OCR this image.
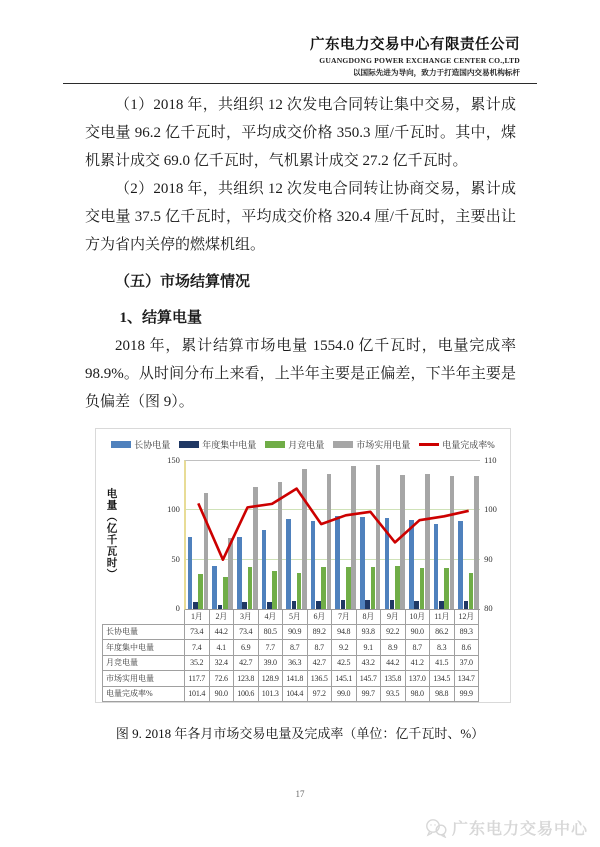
广东电力交易中心有限责任公司
GUANGDONG POWER EXCHANGE CENTER CO.,LTD
以国际先进为导向，致力于打造国内交易机构标杆

（1）2018 年，共组织 12 次发电合同转让集中交易，累计成交电量 96.2 亿千瓦时，平均成交价格 350.3 厘/千瓦时。其中，煤机累计成交 69.0 亿千瓦时，气机累计成交 27.2 亿千瓦时。

（2）2018 年，共组织 12 次发电合同转让协商交易，累计成交电量 37.5 亿千瓦时，平均成交价格 320.4 厘/千瓦时，主要出让方为省内关停的燃煤机组。

（五）市场结算情况
1、结算电量

2018 年，累计结算市场电量 1554.0 亿千瓦时，电量完成率 98.9%。从时间分布上来看，上半年主要是正偏差，下半年主要是负偏差（图 9）。

长协电量	年度集中电量	月竞电量	市场实用电量	电量完成率%
电量（亿千瓦时）
150
100
50
0
110
100
90
80
	1月	2月	3月	4月	5月	6月	7月	8月	9月	10月	11月	12月
长协电量	73.4	44.2	73.4	80.5	90.9	89.2	94.8	93.8	92.2	90.0	86.2	89.3
年度集中电量	7.4	4.1	6.9	7.7	8.7	8.7	9.2	9.1	8.9	8.7	8.3	8.6
月竞电量	35.2	32.4	42.7	39.0	36.3	42.7	42.5	43.2	44.2	41.2	41.5	37.0
市场实用电量	117.7	72.6	123.8	128.9	141.8	136.5	145.1	145.7	135.8	137.0	134.5	134.7
电量完成率%	101.4	90.0	100.6	101.3	104.4	97.2	99.0	99.7	93.5	98.0	98.8	99.9
图 9. 2018 年各月市场交易电量及完成率（单位：亿千瓦时、%）
17
广东电力交易中心
